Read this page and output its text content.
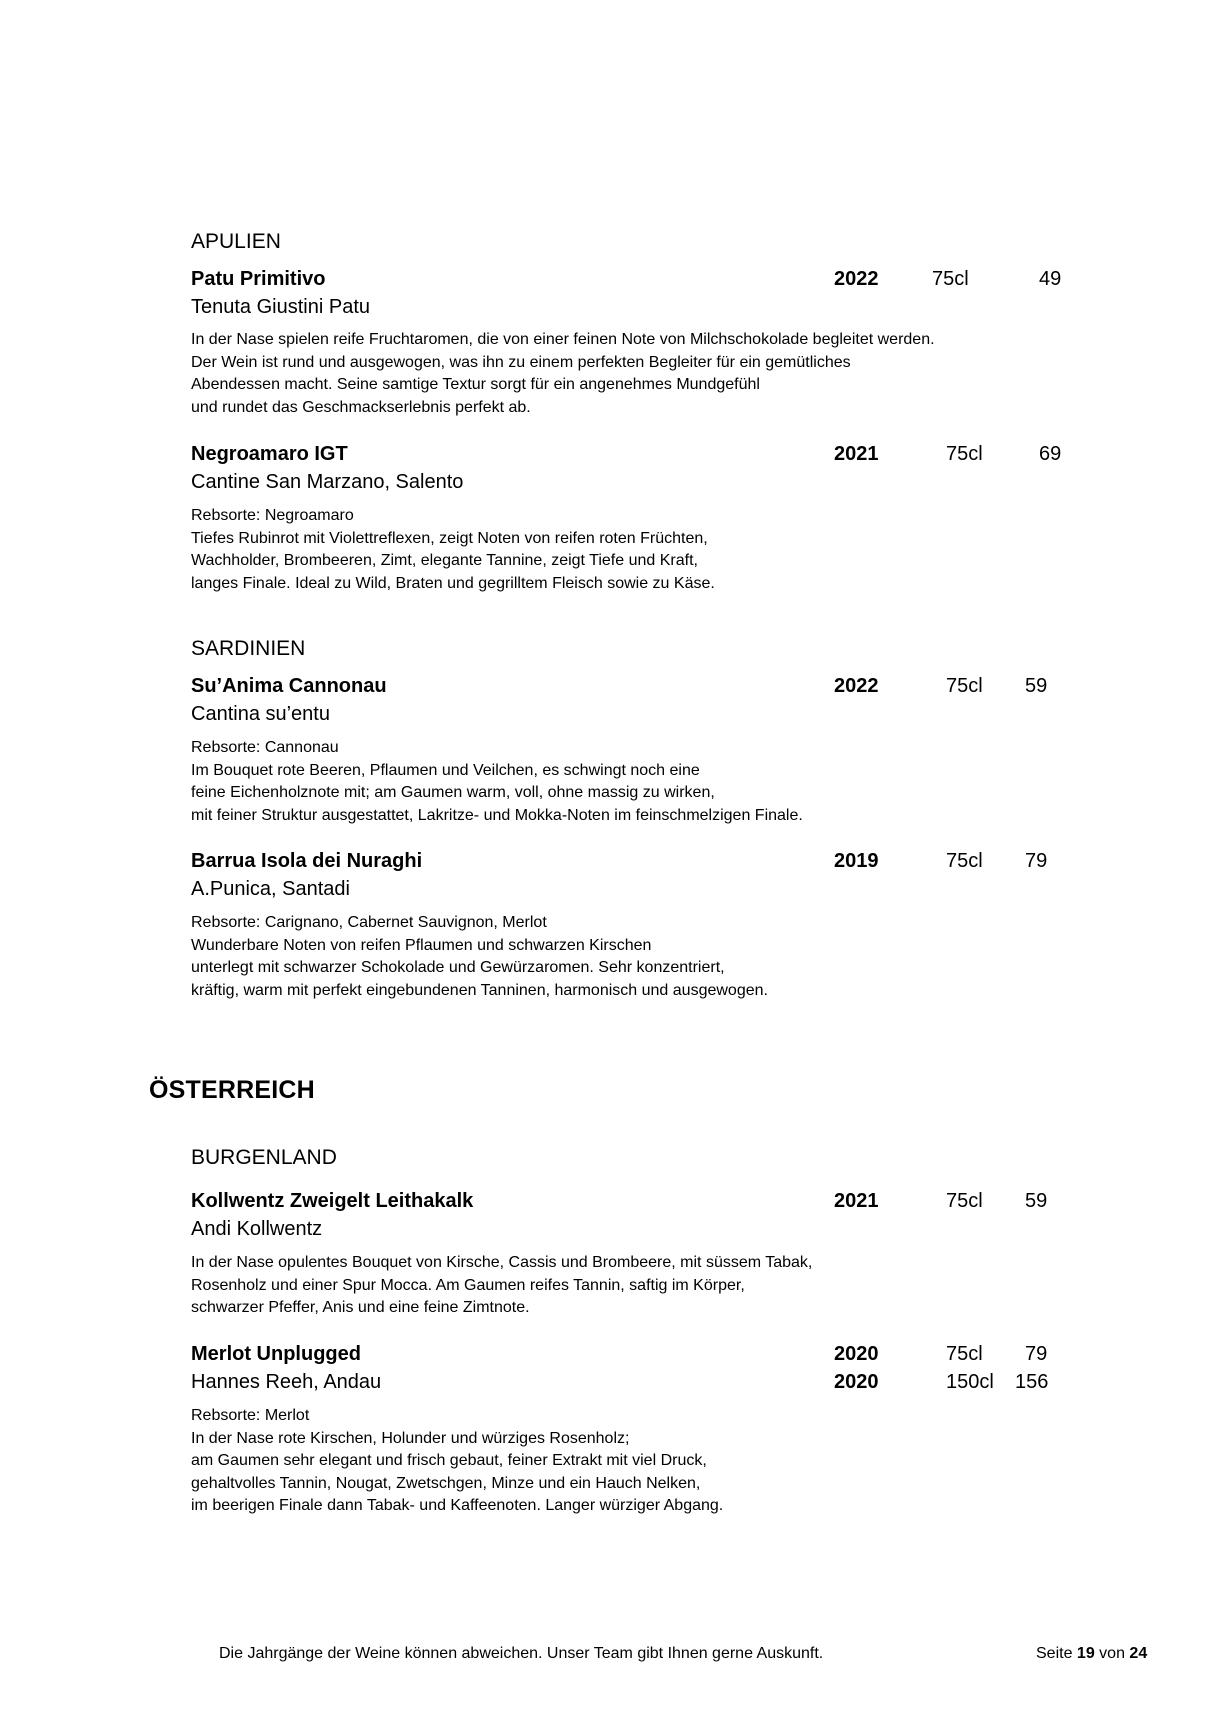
APULIEN
Patu Primitivo	2022	75cl	49
Tenuta Giustini Patu
In der Nase spielen reife Fruchtaromen, die von einer feinen Note von Milchschokolade begleitet werden.
Der Wein ist rund und ausgewogen, was ihn zu einem perfekten Begleiter für ein gemütliches
Abendessen macht. Seine samtige Textur sorgt für ein angenehmes Mundgefühl
und rundet das Geschmackserlebnis perfekt ab.
Negroamaro IGT	2021	75cl	69
Cantine San Marzano, Salento
Rebsorte: Negroamaro
Tiefes Rubinrot mit Violettreflexen, zeigt Noten von reifen roten Früchten,
Wachholder, Brombeeren, Zimt, elegante Tannine, zeigt Tiefe und Kraft,
langes Finale. Ideal zu Wild, Braten und gegrilltem Fleisch sowie zu Käse.
SARDINIEN
Su’Anima Cannonau	2022	75cl 59
Cantina su’entu
Rebsorte: Cannonau
Im Bouquet rote Beeren, Pflaumen und Veilchen, es schwingt noch eine
feine Eichenholznote mit; am Gaumen warm, voll, ohne massig zu wirken,
mit feiner Struktur ausgestattet, Lakritze- und Mokka-Noten im feinschmelzigen Finale.
Barrua Isola dei Nuraghi	2019	75cl 79
A.Punica, Santadi
Rebsorte: Carignano, Cabernet Sauvignon, Merlot
Wunderbare Noten von reifen Pflaumen und schwarzen Kirschen
unterlegt mit schwarzer Schokolade und Gewürzaromen. Sehr konzentriert,
kräftig, warm mit perfekt eingebundenen Tanninen, harmonisch und ausgewogen.
ÖSTERREICH
BURGENLAND
Kollwentz Zweigelt Leithakalk	2021	75cl 59
Andi Kollwentz
In der Nase opulentes Bouquet von Kirsche, Cassis und Brombeere, mit süssem Tabak,
Rosenholz und einer Spur Mocca. Am Gaumen reifes Tannin, saftig im Körper,
schwarzer Pfeffer, Anis und eine feine Zimtnote.
Merlot Unplugged	2020	75cl 79
Hannes Reeh, Andau	2020	150cl 156
Rebsorte: Merlot
In der Nase rote Kirschen, Holunder und würziges Rosenholz;
am Gaumen sehr elegant und frisch gebaut, feiner Extrakt mit viel Druck,
gehaltvolles Tannin, Nougat, Zwetschgen, Minze und ein Hauch Nelken,
im beerigen Finale dann Tabak- und Kaffeenoten. Langer würziger Abgang.
Die Jahrgänge der Weine können abweichen. Unser Team gibt Ihnen gerne Auskunft.	Seite 19 von 24
